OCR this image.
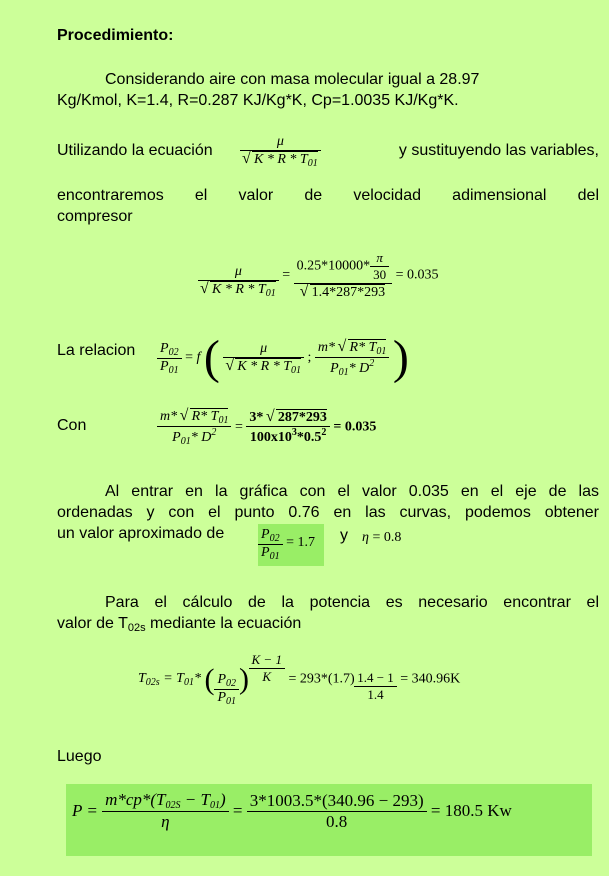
Procedimiento:
Considerando aire con masa molecular igual a 28.97
Kg/Kmol, K=1.4, R=0.287 KJ/Kg*K, Cp=1.0035 KJ/Kg*K.
Utilizando la ecuación	y sustituyendo las variables,
μ
√ K * R * $T_{01}$
encontraremos el valor de velocidad adimensional del
compresor
μ
√ $K * R * T_{01} = 0.25*10000* \frac{\pi}{30}$
√ 1.4*287*293 = 0.035
La relacion	$\frac{P_{02}}{P_{01}} = f$ ( μ
√ K * R * $T_{01}$ ; $\frac{m* √ R* T_{01}}{P_{01}* D^2}$ )
Con	$\frac{m* √ R* T_{01}}{P_{01}* D^2} = \frac{3* √ 287*293}{100x10^3*0.5^2} = 0.035$
Al entrar en la gráfica con el valor 0.035 en el eje de las
ordenadas y con el punto 0.76 en las curvas, podemos obtener
un valor aproximado de	$\frac{P_{02}}{P_{01}} = 1.7$	y	η = 0.8
Para el cálculo de la potencia es necesario encontrar el
valor de $T_{02s}$ mediante la ecuación
$T_{02s} = T_{01}*$ ( $\frac{P_{02}}{P_{01}}$ ) $\frac{K - 1}{K} = 293*(1.7) \frac{1.4 - 1}{1.4} = 340.96K$
Luego
$P = \frac{m*cp*(T_{02S} - T_{01})}{\eta} = \frac{3*1003.5*(340.96 - 293)}{0.8} = 180.5$ Kw
